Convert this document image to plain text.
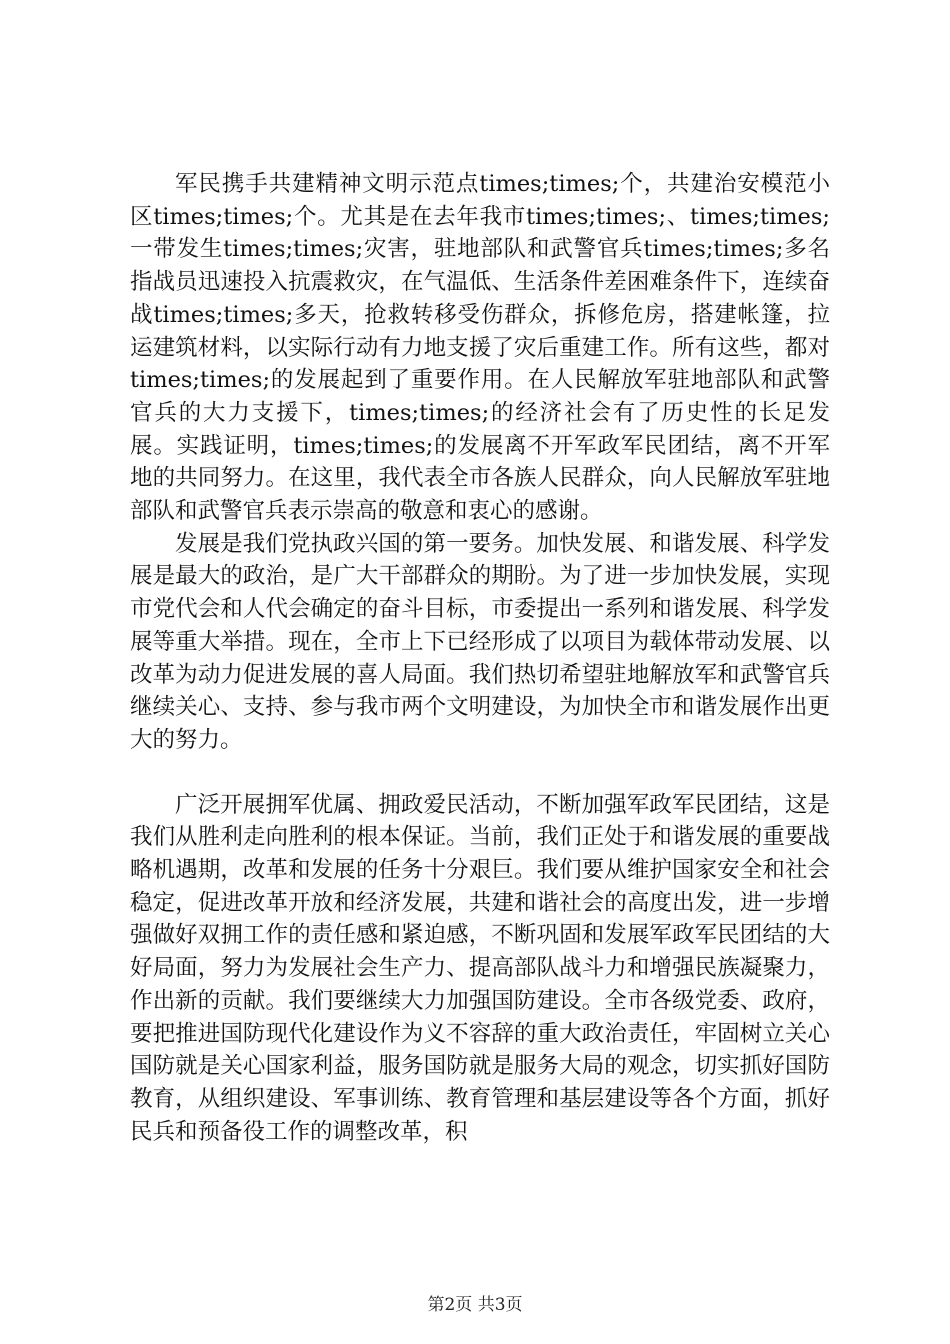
军民携手共建精神文明示范点times;times;个，共建治安模范小区times;times;个。尤其是在去年我市times;times;、times;times;一带发生times;times;灾害，驻地部队和武警官兵times;times;多名指战员迅速投入抗震救灾，在气温低、生活条件差困难条件下，连续奋战times;times;多天，抢救转移受伤群众，拆修危房，搭建帐篷，拉运建筑材料，以实际行动有力地支援了灾后重建工作。所有这些，都对times;times;的发展起到了重要作用。在人民解放军驻地部队和武警官兵的大力支援下，times;times;的经济社会有了历史性的长足发展。实践证明，times;times;的发展离不开军政军民团结，离不开军地的共同努力。在这里，我代表全市各族人民群众，向人民解放军驻地部队和武警官兵表示崇高的敬意和衷心的感谢。

发展是我们党执政兴国的第一要务。加快发展、和谐发展、科学发展是最大的政治，是广大干部群众的期盼。为了进一步加快发展，实现市党代会和人代会确定的奋斗目标，市委提出一系列和谐发展、科学发展等重大举措。现在，全市上下已经形成了以项目为载体带动发展、以改革为动力促进发展的喜人局面。我们热切希望驻地解放军和武警官兵继续关心、支持、参与我市两个文明建设，为加快全市和谐发展作出更大的努力。

广泛开展拥军优属、拥政爱民活动，不断加强军政军民团结，这是我们从胜利走向胜利的根本保证。当前，我们正处于和谐发展的重要战略机遇期，改革和发展的任务十分艰巨。我们要从维护国家安全和社会稳定，促进改革开放和经济发展，共建和谐社会的高度出发，进一步增强做好双拥工作的责任感和紧迫感，不断巩固和发展军政军民团结的大好局面，努力为发展社会生产力、提高部队战斗力和增强民族凝聚力，作出新的贡献。我们要继续大力加强国防建设。全市各级党委、政府，要把推进国防现代化建设作为义不容辞的重大政治责任，牢固树立关心国防就是关心国家利益，服务国防就是服务大局的观念，切实抓好国防教育，从组织建设、军事训练、教育管理和基层建设等各个方面，抓好民兵和预备役工作的调整改革，积

第2页 共3页
